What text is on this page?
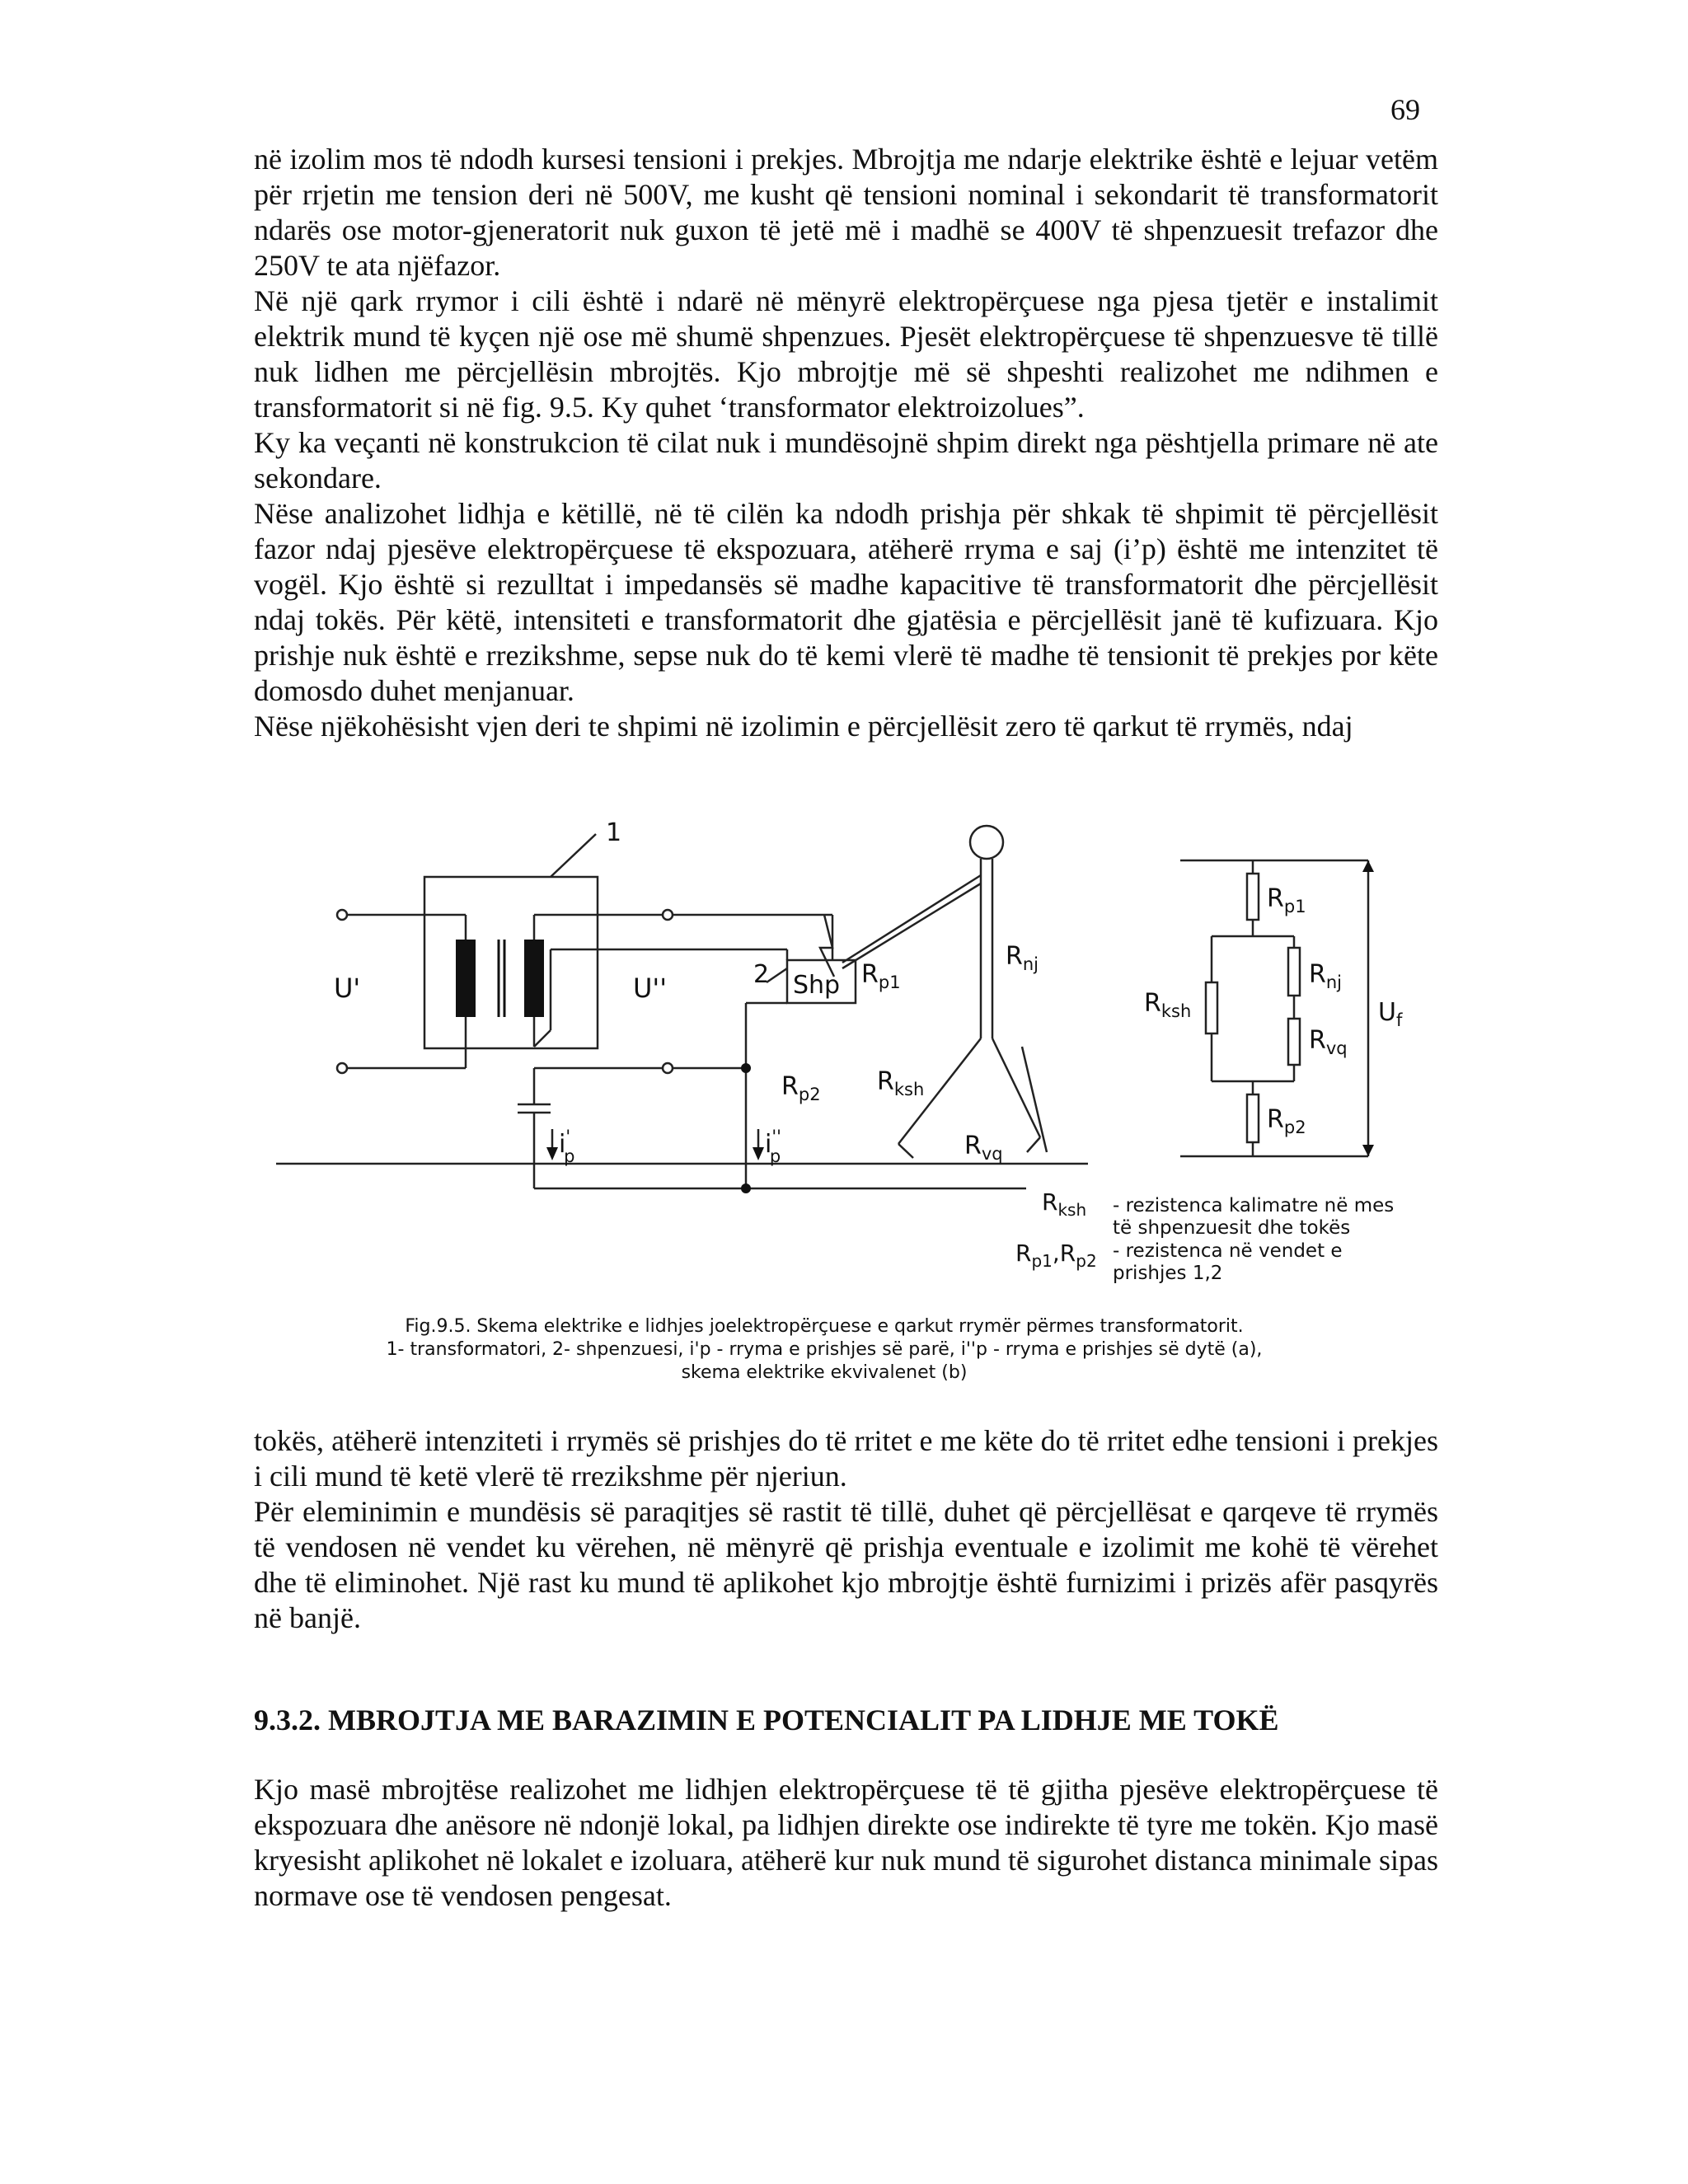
69

në izolim mos të ndodh kursesi tensioni i prekjes. Mbrojtja me ndarje elektrike është e lejuar vetëm për rrjetin me tension deri në 500V, me kusht që tensioni nominal i sekondarit të transformatorit ndarës ose motor-gjeneratorit nuk guxon të jetë më i madhë se 400V të shpenzuesit trefazor dhe 250V te ata njëfazor.

Në një qark rrymor i cili është i ndarë në mënyrë elektropërçuese nga pjesa tjetër e instalimit elektrik mund të kyçen një ose më shumë shpenzues. Pjesët elektropërçuese të shpenzuesve të tillë nuk lidhen me përcjellësin mbrojtës. Kjo mbrojtje më së shpeshti realizohet me ndihmen e transformatorit si në fig. 9.5. Ky quhet ‘transformator elektroizolues”.

Ky ka veçanti në konstrukcion të cilat nuk i mundësojnë shpim direkt nga pështjella primare në ate sekondare.

Nëse analizohet lidhja e këtillë, në të cilën ka ndodh prishja për shkak të shpimit të përcjellësit fazor ndaj pjesëve elektropërçuese të ekspozuara, atëherë rryma e saj (i’p) është me intenzitet të vogël. Kjo është si rezulltat i impedansës së madhe kapacitive të transformatorit dhe përcjellësit ndaj tokës. Për këtë, intensiteti e transformatorit dhe gjatësia e përcjellësit janë të kufizuara. Kjo prishje nuk është e rrezikshme, sepse nuk do të kemi vlerë të madhe të tensionit të prekjes por këte domosdo duhet menjanuar.

Nëse njëkohësisht vjen deri te shpimi në izolimin e përcjellësit zero të qarkut të rrymës, ndaj

1
U'	U''	2 Shp $R_{p1}$
$R_{nj}$
$R_{p2}$ $R_{ksh}$
$R_{vq}$
i' p	i'' p
$R_{p1}$
$R_{nj}$
$R_{ksh}$
$R_{vq}$
$R_{p2}$
$U_f$
$R_{ksh}$ - rezistenca kalimatre në mes
të shpenzuesit dhe tokës
$R_{p1},R_{p2}$ - rezistenca në vendet e
prishjes 1,2
Fig.9.5. Skema elektrike e lidhjes joelektropërçuese e qarkut rrymër përmes transformatorit.
1- transformatori, 2- shpenzuesi, i'p - rryma e prishjes së parë, i''p - rryma e prishjes së dytë (a),
skema elektrike ekvivalenet (b)

tokës, atëherë intenziteti i rrymës së prishjes do të rritet e me këte do të rritet edhe tensioni i prekjes i cili mund të ketë vlerë të rrezikshme për njeriun.

Për eleminimin e mundësis së paraqitjes së rastit të tillë, duhet që përcjellësat e qarqeve të rrymës të vendosen në vendet ku vërehen, në mënyrë që prishja eventuale e izolimit me kohë të vërehet dhe të eliminohet. Një rast ku mund të aplikohet kjo mbrojtje është furnizimi i prizës afër pasqyrës në banjë.

9.3.2. MBROJTJA ME BARAZIMIN E POTENCIALIT PA LIDHJE ME TOKË

Kjo masë mbrojtëse realizohet me lidhjen elektropërçuese të të gjitha pjesëve elektropërçuese të ekspozuara dhe anësore në ndonjë lokal, pa lidhjen direkte ose indirekte të tyre me tokën. Kjo masë kryesisht aplikohet në lokalet e izoluara, atëherë kur nuk mund të sigurohet distanca minimale sipas normave ose të vendosen pengesat.
